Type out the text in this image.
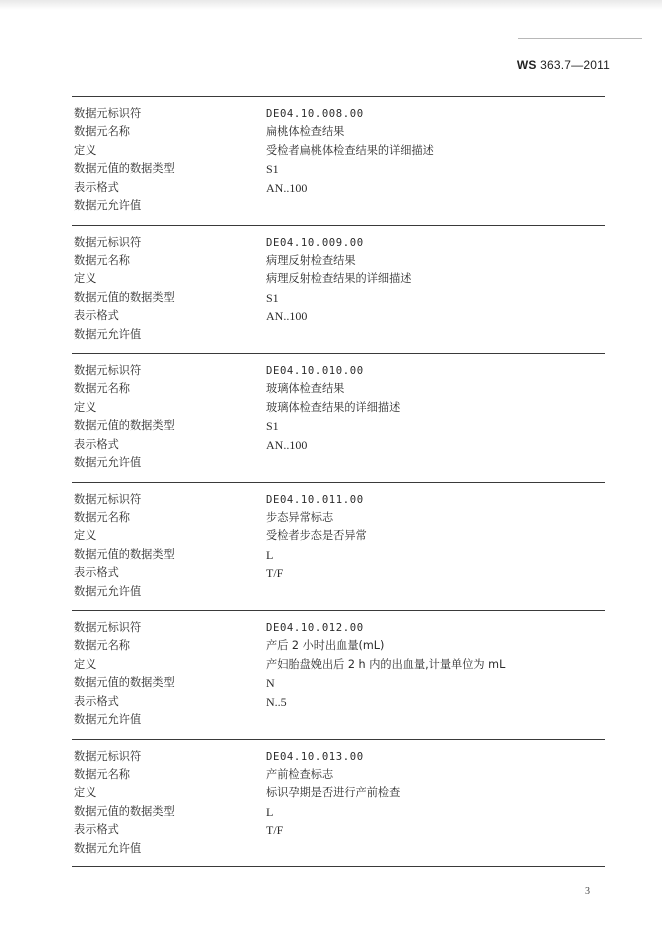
WS 363.7—2011
数据元标识符	DE04.10.008.00
数据元名称	扁桃体检查结果
定义	受检者扁桃体检查结果的详细描述
数据元值的数据类型	S1
表示格式	AN..100
数据元允许值
数据元标识符	DE04.10.009.00
数据元名称	病理反射检查结果
定义	病理反射检查结果的详细描述
数据元值的数据类型	S1
表示格式	AN..100
数据元允许值
数据元标识符	DE04.10.010.00
数据元名称	玻璃体检查结果
定义	玻璃体检查结果的详细描述
数据元值的数据类型	S1
表示格式	AN..100
数据元允许值
数据元标识符	DE04.10.011.00
数据元名称	步态异常标志
定义	受检者步态是否异常
数据元值的数据类型	L
表示格式	T/F
数据元允许值
数据元标识符	DE04.10.012.00
数据元名称	产后 2 小时出血量(mL)
定义	产妇胎盘娩出后 2 h 内的出血量,计量单位为 mL
数据元值的数据类型	N
表示格式	N..5
数据元允许值
数据元标识符	DE04.10.013.00
数据元名称	产前检查标志
定义	标识孕期是否进行产前检查
数据元值的数据类型	L
表示格式	T/F
数据元允许值
3
